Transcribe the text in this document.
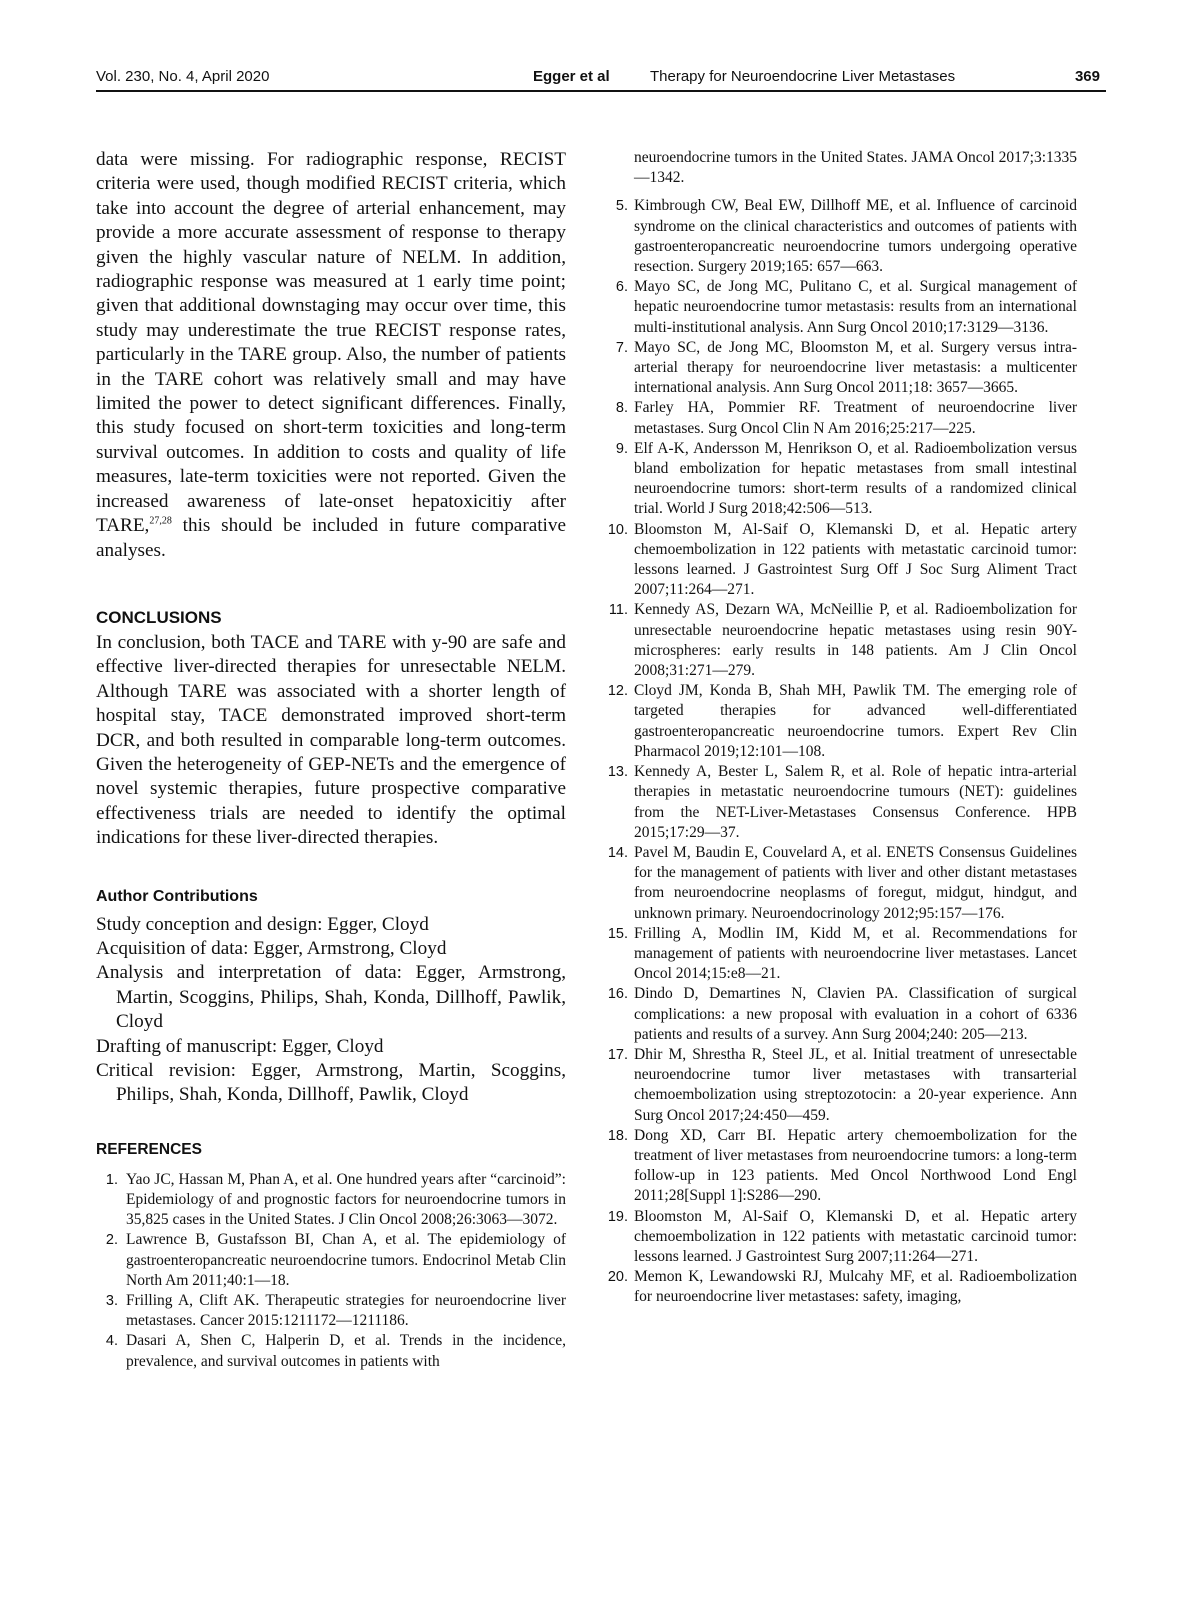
Vol. 230, No. 4, April 2020	Egger et al	Therapy for Neuroendocrine Liver Metastases	369

data were missing. For radiographic response, RECIST criteria were used, though modified RECIST criteria, which take into account the degree of arterial enhancement, may provide a more accurate assessment of response to therapy given the highly vascular nature of NELM. In addition, radiographic response was measured at 1 early time point; given that additional downstaging may occur over time, this study may underestimate the true RECIST response rates, particularly in the TARE group. Also, the number of patients in the TARE cohort was relatively small and may have limited the power to detect significant differences. Finally, this study focused on short-term toxicities and long-term survival outcomes. In addition to costs and quality of life measures, late-term toxicities were not reported. Given the increased awareness of late-onset hepatoxicitiy after TARE,$^{27,28}$ this should be included in future comparative analyses.

CONCLUSIONS

In conclusion, both TACE and TARE with y-90 are safe and effective liver-directed therapies for unresectable NELM. Although TARE was associated with a shorter length of hospital stay, TACE demonstrated improved short-term DCR, and both resulted in comparable long-term outcomes. Given the heterogeneity of GEP-NETs and the emergence of novel systemic therapies, future prospective comparative effectiveness trials are needed to identify the optimal indications for these liver-directed therapies.

Author Contributions
Study conception and design: Egger, Cloyd
Acquisition of data: Egger, Armstrong, Cloyd
Analysis and interpretation of data: Egger, Armstrong, Martin, Scoggins, Philips, Shah, Konda, Dillhoff, Pawlik, Cloyd
Drafting of manuscript: Egger, Cloyd
Critical revision: Egger, Armstrong, Martin, Scoggins, Philips, Shah, Konda, Dillhoff, Pawlik, Cloyd
REFERENCES
1. Yao JC, Hassan M, Phan A, et al. One hundred years after “carcinoid”: Epidemiology of and prognostic factors for neuroendocrine tumors in 35,825 cases in the United States. J Clin Oncol 2008;26:3063—3072.
2. Lawrence B, Gustafsson BI, Chan A, et al. The epidemiology of gastroenteropancreatic neuroendocrine tumors. Endocrinol Metab Clin North Am 2011;40:1—18.
3. Frilling A, Clift AK. Therapeutic strategies for neuroendocrine liver metastases. Cancer 2015:1211172—1211186.
4. Dasari A, Shen C, Halperin D, et al. Trends in the incidence, prevalence, and survival outcomes in patients with

neuroendocrine tumors in the United States. JAMA Oncol 2017;3:1335—1342.

5. Kimbrough CW, Beal EW, Dillhoff ME, et al. Influence of carcinoid syndrome on the clinical characteristics and outcomes of patients with gastroenteropancreatic neuroendocrine tumors undergoing operative resection. Surgery 2019;165: 657—663.
6. Mayo SC, de Jong MC, Pulitano C, et al. Surgical management of hepatic neuroendocrine tumor metastasis: results from an international multi-institutional analysis. Ann Surg Oncol 2010;17:3129—3136.
7. Mayo SC, de Jong MC, Bloomston M, et al. Surgery versus intra-arterial therapy for neuroendocrine liver metastasis: a multicenter international analysis. Ann Surg Oncol 2011;18: 3657—3665.
8. Farley HA, Pommier RF. Treatment of neuroendocrine liver metastases. Surg Oncol Clin N Am 2016;25:217—225.
9. Elf A-K, Andersson M, Henrikson O, et al. Radioembolization versus bland embolization for hepatic metastases from small intestinal neuroendocrine tumors: short-term results of a randomized clinical trial. World J Surg 2018;42:506—513.
10. Bloomston M, Al-Saif O, Klemanski D, et al. Hepatic artery chemoembolization in 122 patients with metastatic carcinoid tumor: lessons learned. J Gastrointest Surg Off J Soc Surg Aliment Tract 2007;11:264—271.
11. Kennedy AS, Dezarn WA, McNeillie P, et al. Radioembolization for unresectable neuroendocrine hepatic metastases using resin 90Y-microspheres: early results in 148 patients. Am J Clin Oncol 2008;31:271—279.
12. Cloyd JM, Konda B, Shah MH, Pawlik TM. The emerging role of targeted therapies for advanced well-differentiated gastroenteropancreatic neuroendocrine tumors. Expert Rev Clin Pharmacol 2019;12:101—108.
13. Kennedy A, Bester L, Salem R, et al. Role of hepatic intra-arterial therapies in metastatic neuroendocrine tumours (NET): guidelines from the NET-Liver-Metastases Consensus Conference. HPB 2015;17:29—37.
14. Pavel M, Baudin E, Couvelard A, et al. ENETS Consensus Guidelines for the management of patients with liver and other distant metastases from neuroendocrine neoplasms of foregut, midgut, hindgut, and unknown primary. Neuroendocrinology 2012;95:157—176.
15. Frilling A, Modlin IM, Kidd M, et al. Recommendations for management of patients with neuroendocrine liver metastases. Lancet Oncol 2014;15:e8—21.
16. Dindo D, Demartines N, Clavien PA. Classification of surgical complications: a new proposal with evaluation in a cohort of 6336 patients and results of a survey. Ann Surg 2004;240: 205—213.
17. Dhir M, Shrestha R, Steel JL, et al. Initial treatment of unresectable neuroendocrine tumor liver metastases with transarterial chemoembolization using streptozotocin: a 20-year experience. Ann Surg Oncol 2017;24:450—459.
18. Dong XD, Carr BI. Hepatic artery chemoembolization for the treatment of liver metastases from neuroendocrine tumors: a long-term follow-up in 123 patients. Med Oncol Northwood Lond Engl 2011;28[Suppl 1]:S286—290.
19. Bloomston M, Al-Saif O, Klemanski D, et al. Hepatic artery chemoembolization in 122 patients with metastatic carcinoid tumor: lessons learned. J Gastrointest Surg 2007;11:264—271.
20. Memon K, Lewandowski RJ, Mulcahy MF, et al. Radioembolization for neuroendocrine liver metastases: safety, imaging,
